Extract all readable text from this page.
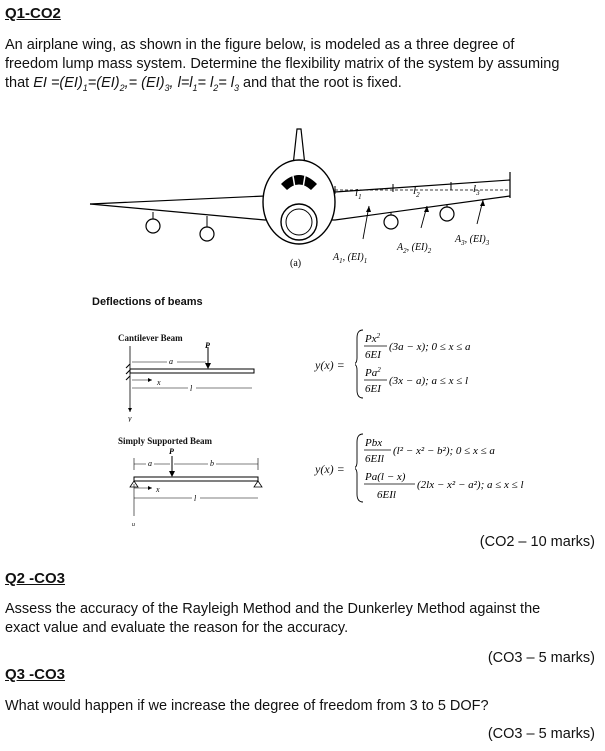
Q1-CO2
An airplane wing, as shown in the figure below, is modeled as a three degree of
freedom lump mass system. Determine the flexibility matrix of the system by assuming
that EI $=(EI)_1=(EI)_2,= (EI)_3$, $l=l_1= l_2= l_3$ and that the root is fixed.
$l_1$	$l_2$	$l_3$
$A_1$, $(EI)_1$
$A_2$, $(EI)_2$
$A_3$, $(EI)_3$
(a)
Deflections of beams
Cantilever Beam
P
a
x
l
y
y(x) =
$Px^2$
6EI
(3a − x); 0 ≤ x ≤ a
Pa$^2$
6EI
(3x − a); a ≤ x ≤ l
Simply Supported Beam
P
a	b
x
l
u
y(x) =
Pbx
6EIl
(l² − x² − b²); 0 ≤ x ≤ a
Pa(l − x)
6EIl
(2lx − x² − a²); a ≤ x ≤ l
(CO2 – 10 marks)
Q2 -CO3
Assess the accuracy of the Rayleigh Method and the Dunkerley Method against the
exact value and evaluate the reason for the accuracy.
(CO3 – 5 marks)
Q3 -CO3
What would happen if we increase the degree of freedom from 3 to 5 DOF?
(CO3 – 5 marks)
